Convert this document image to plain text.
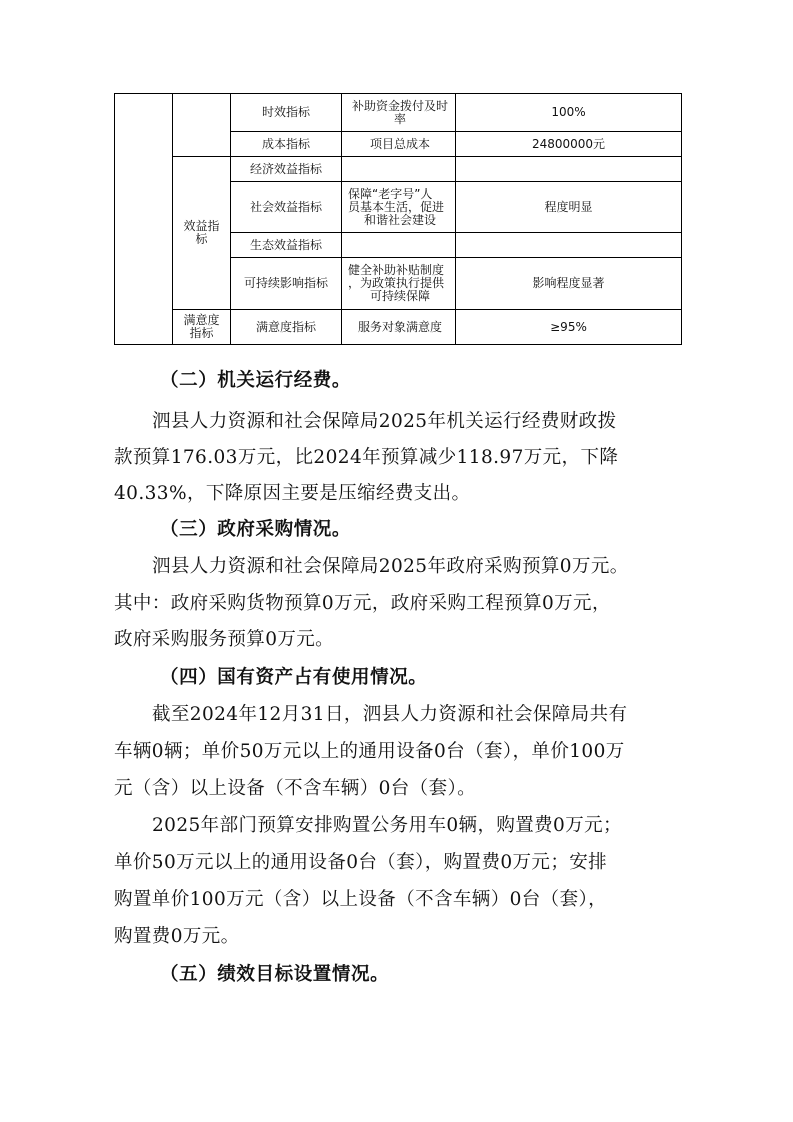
		时效指标	补助资金拨付及时
率	100%
		成本指标	项目总成本	24800000元

	效益指
标	经济效益指标		
		社会效益指标	保障“老字号”人
员基本生活，促进
和谐社会建设	程度明显
		生态效益指标		
		可持续影响指标	健全补助补贴制度
，为政策执行提供
可持续保障	影响程度显著

	满意度
指标	满意度指标	服务对象满意度	≥95%
（二）机关运行经费。
泗县人力资源和社会保障局2025年机关运行经费财政拨
款预算176.03万元，比2024年预算减少118.97万元，下降
40.33%，下降原因主要是压缩经费支出。
（三）政府采购情况。
泗县人力资源和社会保障局2025年政府采购预算0万元。
其中：政府采购货物预算0万元，政府采购工程预算0万元，
政府采购服务预算0万元。
（四）国有资产占有使用情况。
截至2024年12月31日，泗县人力资源和社会保障局共有
车辆0辆；单价50万元以上的通用设备0台（套），单价100万
元（含）以上设备（不含车辆）0台（套）。
2025年部门预算安排购置公务用车0辆，购置费0万元；
单价50万元以上的通用设备0台（套），购置费0万元；安排
购置单价100万元（含）以上设备（不含车辆）0台（套），
购置费0万元。
（五）绩效目标设置情况。
